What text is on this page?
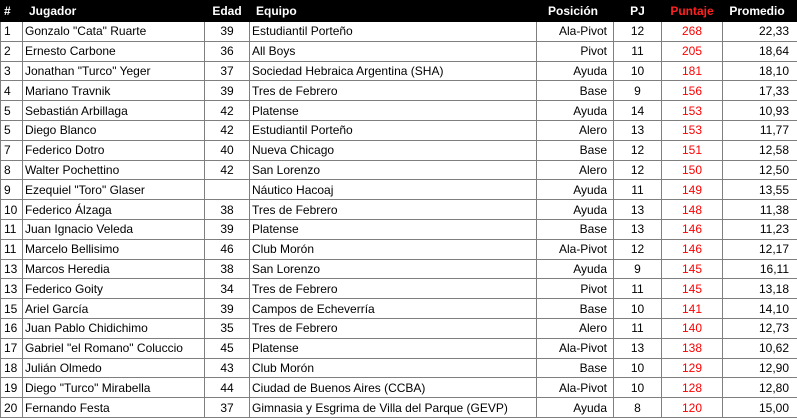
#	Jugador	Edad	Equipo	Posición	PJ	Puntaje	Promedio
1	Gonzalo "Cata" Ruarte	39	Estudiantil Porteño	Ala-Pivot	12	268	22,33
2	Ernesto Carbone	36	All Boys	Pivot	11	205	18,64
3	Jonathan "Turco" Yeger	37	Sociedad Hebraica Argentina (SHA)	Ayuda	10	181	18,10
4	Mariano Travnik	39	Tres de Febrero	Base	9	156	17,33
5	Sebastián Arbillaga	42	Platense	Ayuda	14	153	10,93
5	Diego Blanco	42	Estudiantil Porteño	Alero	13	153	11,77
7	Federico Dotro	40	Nueva Chicago	Base	12	151	12,58
8	Walter Pochettino	42	San Lorenzo	Alero	12	150	12,50
9	Ezequiel "Toro" Glaser		Náutico Hacoaj	Ayuda	11	149	13,55
10	Federico Álzaga	38	Tres de Febrero	Ayuda	13	148	11,38
11	Juan Ignacio Veleda	39	Platense	Base	13	146	11,23
11	Marcelo Bellisimo	46	Club Morón	Ala-Pivot	12	146	12,17
13	Marcos Heredia	38	San Lorenzo	Ayuda	9	145	16,11
13	Federico Goity	34	Tres de Febrero	Pivot	11	145	13,18
15	Ariel García	39	Campos de Echeverría	Base	10	141	14,10
16	Juan Pablo Chidichimo	35	Tres de Febrero	Alero	11	140	12,73
17	Gabriel "el Romano" Coluccio	45	Platense	Ala-Pivot	13	138	10,62
18	Julián Olmedo	43	Club Morón	Base	10	129	12,90
19	Diego "Turco" Mirabella	44	Ciudad de Buenos Aires (CCBA)	Ala-Pivot	10	128	12,80
20	Fernando Festa	37	Gimnasia y Esgrima de Villa del Parque (GEVP)	Ayuda	8	120	15,00
